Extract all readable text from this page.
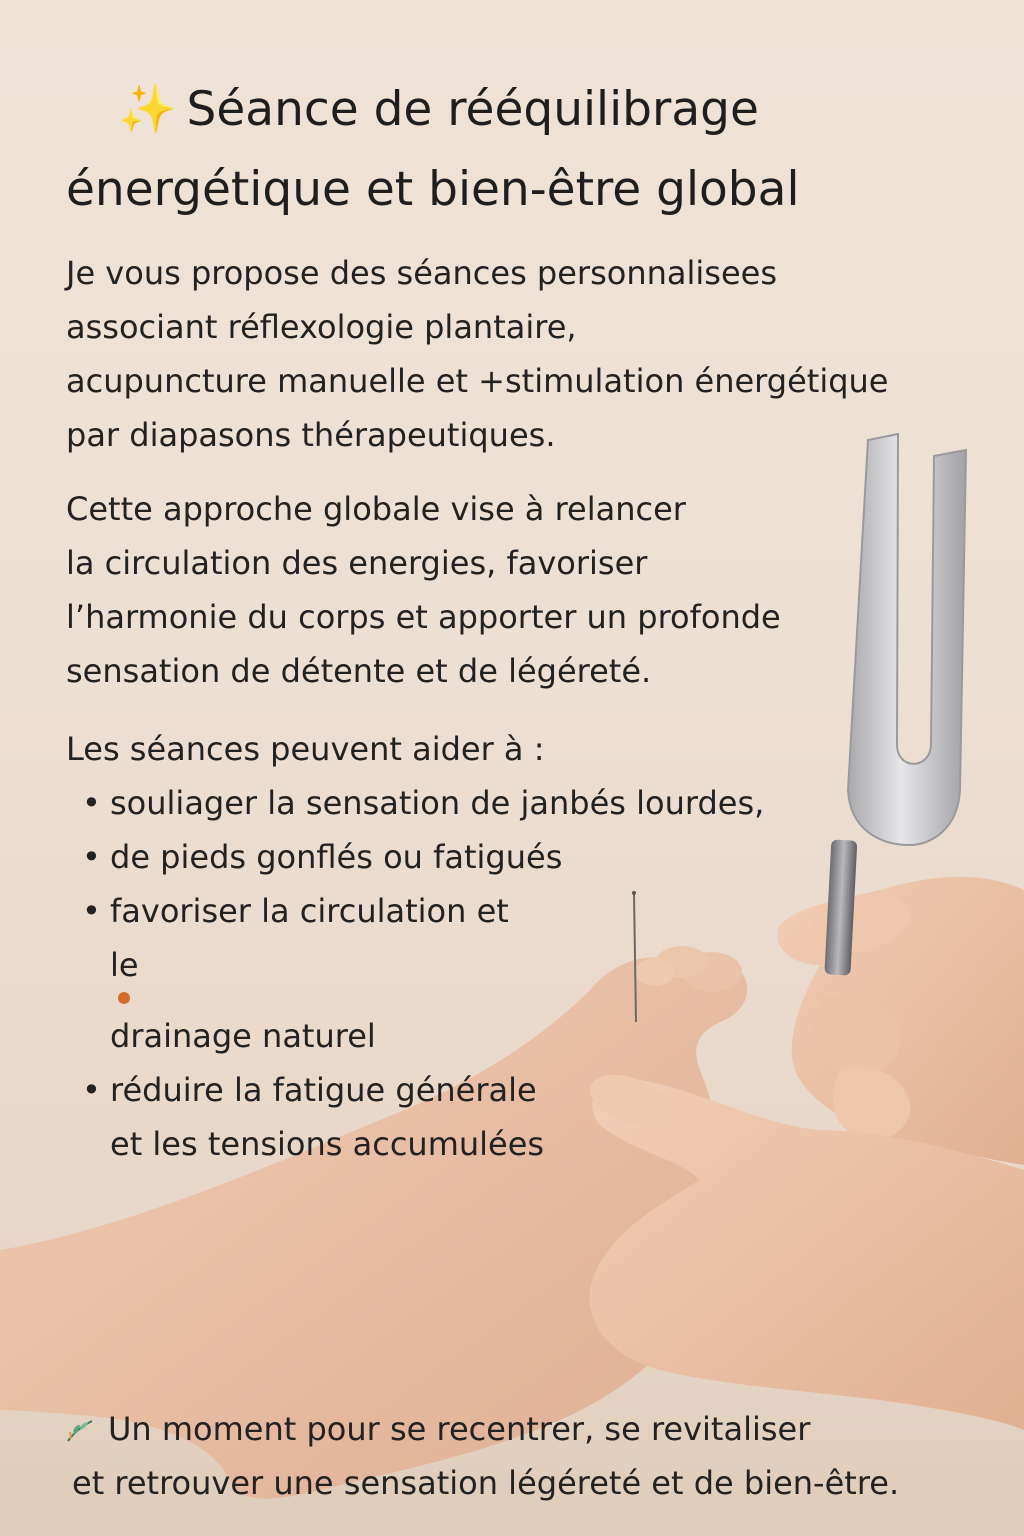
✨ Séance de rééquilibrage
énergétique et bien-être global
Je vous propose des séances personnalisees
associant réflexologie plantaire,
acupuncture manuelle et +stimulation énergétique
par diapasons thérapeutiques.
Cette approche globale vise à relancer
la circulation des energies, favoriser
l’harmonie du corps et apporter un profonde
sensation de détente et de légéreté.
Les séances peuvent aider à :
• souliager la sensation de janbés lourdes,
• de pieds gonflés ou fatigués
• favoriser la circulation et
le
drainage naturel
• réduire la fatigue générale
et les tensions accumulées
Un moment pour se recentrer, se revitaliser
et retrouver une sensation légéreté et de bien-être.
